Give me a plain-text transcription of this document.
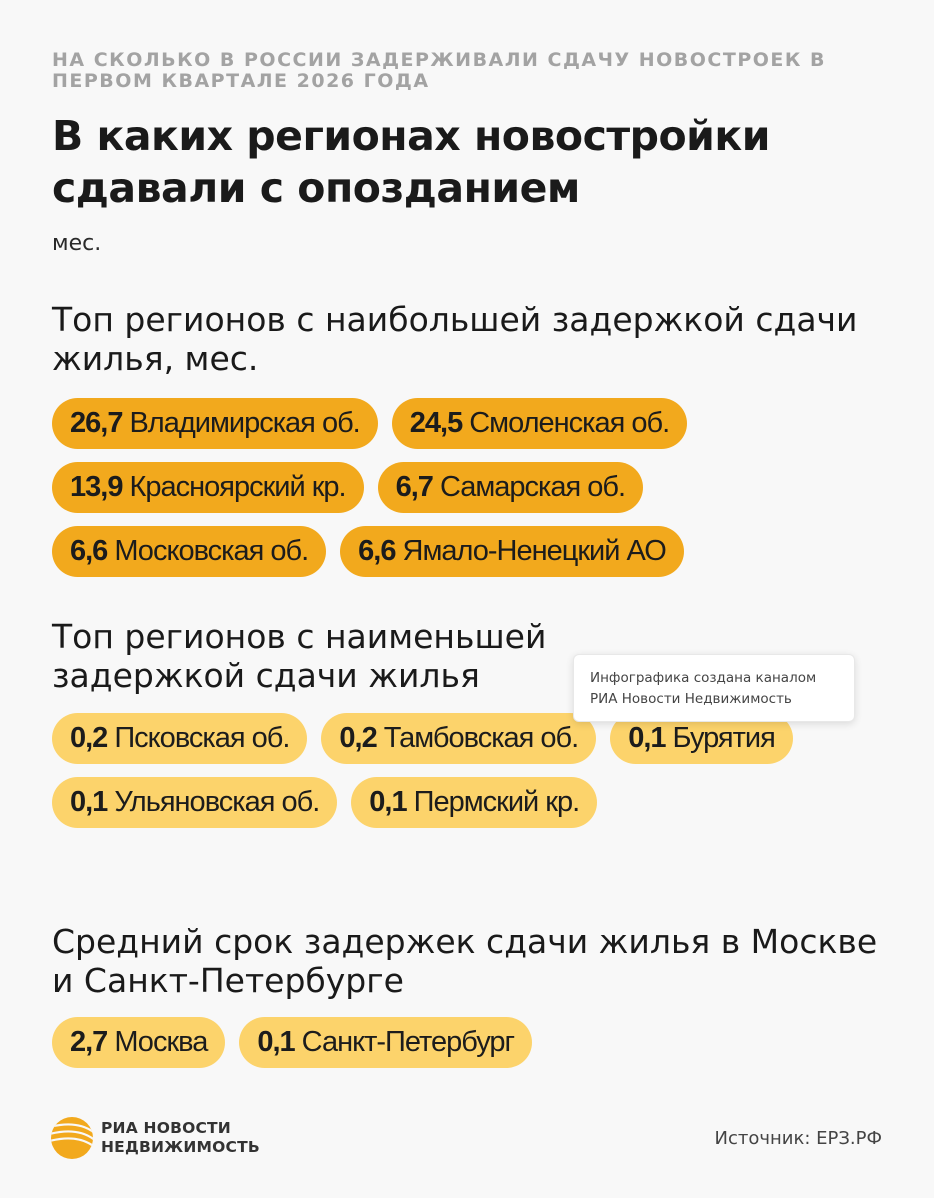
НА СКОЛЬКО В РОССИИ ЗАДЕРЖИВАЛИ СДАЧУ НОВОСТРОЕК В ПЕРВОМ КВАРТАЛЕ 2026 ГОДА
В каких регионах новостройки сдавали с опозданием
мес.
Топ регионов с наибольшей задержкой сдачи жилья, мес.
26,7 Владимирская об. 24,5 Смоленская об.
13,9 Красноярский кр. 6,7 Самарская об.
6,6 Московская об. 6,6 Ямало-Ненецкий АО
Топ регионов с наименьшей задержкой сдачи жилья
0,2 Псковская об. 0,2 Тамбовская об. 0,1 Бурятия
0,1 Ульяновская об. 0,1 Пермский кр.
Средний срок задержек сдачи жилья в Москве и Санкт-Петербурге
2,7 Москва 0,1 Санкт-Петербург
Инфографика создана каналом
РИА Новости Недвижимость
РИА НОВОСТИ
НЕДВИЖИМОСТЬ	Источник: ЕРЗ.РФ
